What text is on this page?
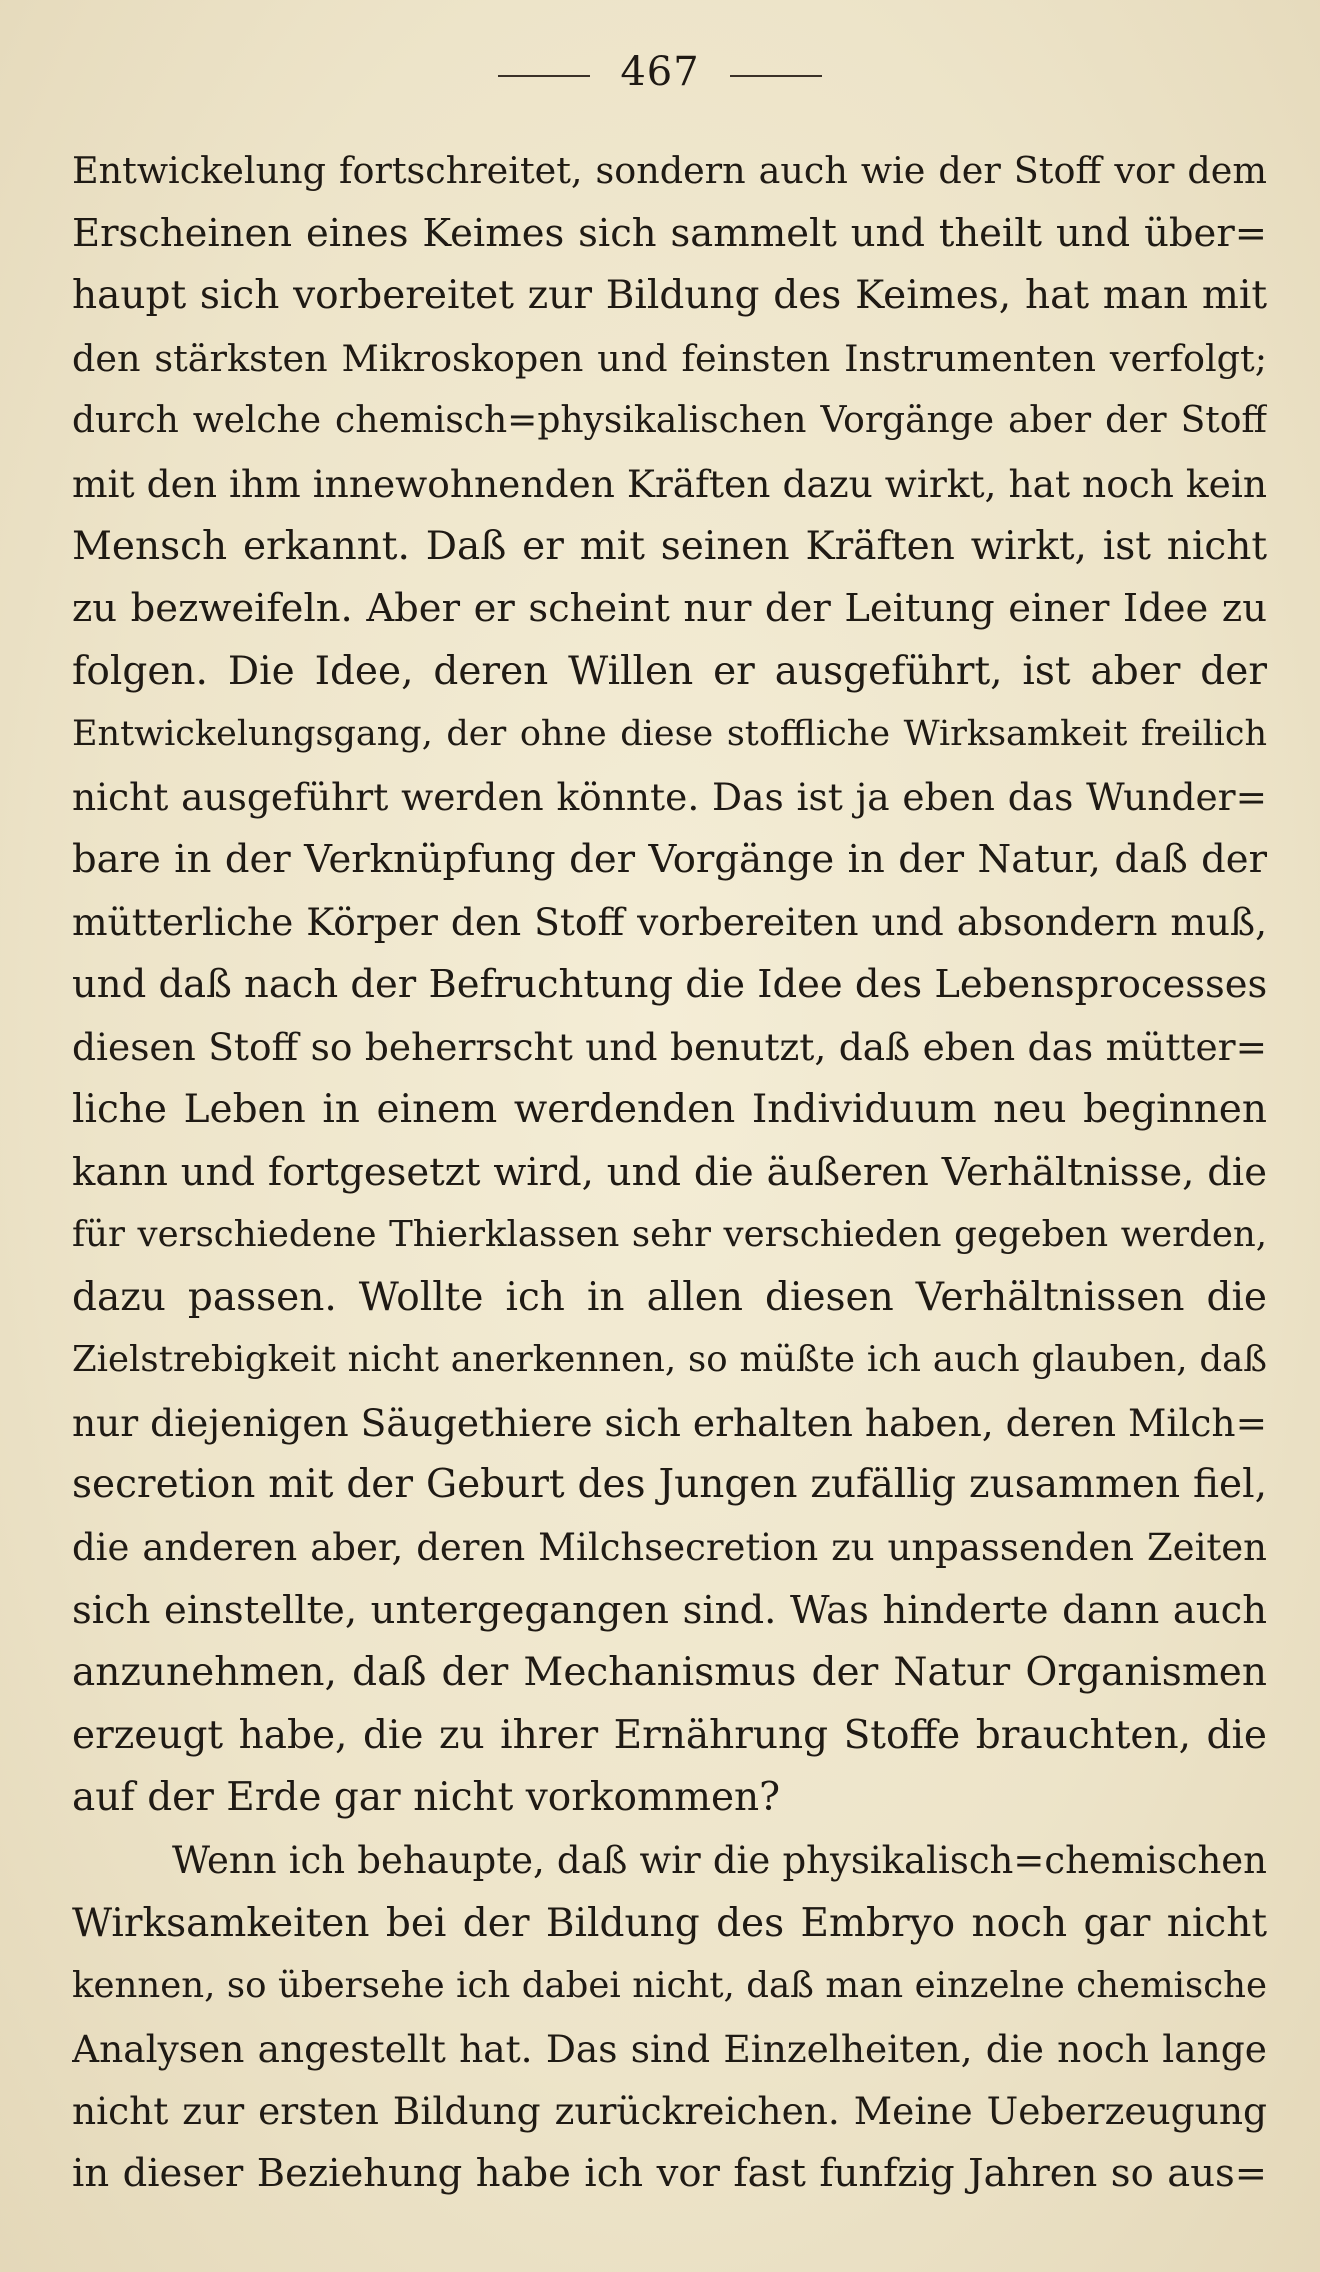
467
Entwickelung fortschreitet, sondern auch wie der Stoff vor dem
Erscheinen eines Keimes sich sammelt und theilt und über=
haupt sich vorbereitet zur Bildung des Keimes, hat man mit
den stärksten Mikroskopen und feinsten Instrumenten verfolgt;
durch welche chemisch=physikalischen Vorgänge aber der Stoff
mit den ihm innewohnenden Kräften dazu wirkt, hat noch kein
Mensch erkannt. Daß er mit seinen Kräften wirkt, ist nicht
zu bezweifeln. Aber er scheint nur der Leitung einer Idee zu
folgen. Die Idee, deren Willen er ausgeführt, ist aber der
Entwickelungsgang, der ohne diese stoffliche Wirksamkeit freilich
nicht ausgeführt werden könnte. Das ist ja eben das Wunder=
bare in der Verknüpfung der Vorgänge in der Natur, daß der
mütterliche Körper den Stoff vorbereiten und absondern muß,
und daß nach der Befruchtung die Idee des Lebensprocesses
diesen Stoff so beherrscht und benutzt, daß eben das mütter=
liche Leben in einem werdenden Individuum neu beginnen
kann und fortgesetzt wird, und die äußeren Verhältnisse, die
für verschiedene Thierklassen sehr verschieden gegeben werden,
dazu passen. Wollte ich in allen diesen Verhältnissen die
Zielstrebigkeit nicht anerkennen, so müßte ich auch glauben, daß
nur diejenigen Säugethiere sich erhalten haben, deren Milch=
secretion mit der Geburt des Jungen zufällig zusammen fiel,
die anderen aber, deren Milchsecretion zu unpassenden Zeiten
sich einstellte, untergegangen sind. Was hinderte dann auch
anzunehmen, daß der Mechanismus der Natur Organismen
erzeugt habe, die zu ihrer Ernährung Stoffe brauchten, die
auf der Erde gar nicht vorkommen?
Wenn ich behaupte, daß wir die physikalisch=chemischen
Wirksamkeiten bei der Bildung des Embryo noch gar nicht
kennen, so übersehe ich dabei nicht, daß man einzelne chemische
Analysen angestellt hat. Das sind Einzelheiten, die noch lange
nicht zur ersten Bildung zurückreichen. Meine Ueberzeugung
in dieser Beziehung habe ich vor fast funfzig Jahren so aus=
